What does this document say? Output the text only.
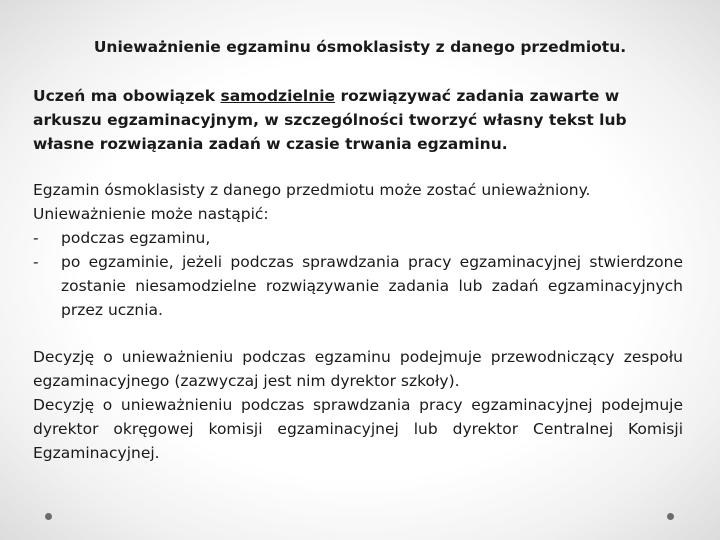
Unieważnienie egzaminu ósmoklasisty z danego przedmiotu.
Uczeń ma obowiązek samodzielnie rozwiązywać zadania zawarte w arkuszu egzaminacyjnym, w szczególności tworzyć własny tekst lub własne rozwiązania zadań w czasie trwania egzaminu.
Egzamin ósmoklasisty z danego przedmiotu może zostać unieważniony.
Unieważnienie może nastąpić:
- podczas egzaminu,
- po egzaminie, jeżeli podczas sprawdzania pracy egzaminacyjnej stwierdzone zostanie niesamodzielne rozwiązywanie zadania lub zadań egzaminacyjnych przez ucznia.
Decyzję o unieważnieniu podczas egzaminu podejmuje przewodniczący zespołu egzaminacyjnego (zazwyczaj jest nim dyrektor szkoły).
Decyzję o unieważnieniu podczas sprawdzania pracy egzaminacyjnej podejmuje dyrektor okręgowej komisji egzaminacyjnej lub dyrektor Centralnej Komisji Egzaminacyjnej.
